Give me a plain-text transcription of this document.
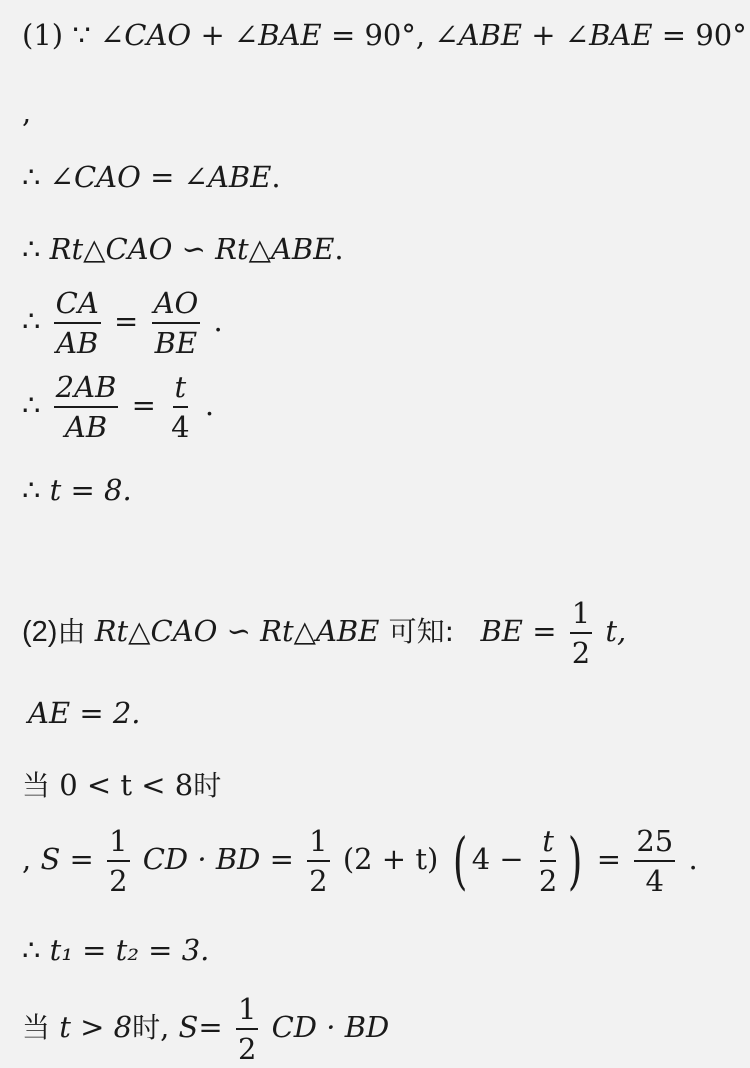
(1) ∵ ∠CAO + ∠BAE = 90°, ∠ABE + ∠BAE = 90°
,
∴ ∠CAO = ∠ABE.
∴ Rt△CAO ∽ Rt△ABE.
∴ $\frac{CA}{AB} = \frac{AO}{BE}$ .
∴ $\frac{2AB}{AB} = \frac{t}{4}$ .
∴ t = 8.
(2)由 Rt△CAO ∽ Rt△ABE 可知: BE = $\frac{1}{2} t$,
AE = 2.
当 0 < t < 8时
, $S = \frac{1}{2}$ CD · BD = $\frac{1}{2} (2 + t)$ ( $4 - \frac{t}{2}$ ) = $\frac{25}{4}$ .
∴ t₁ = t₂ = 3.
当 t > 8时, $S= \frac{1}{2}$ CD · BD
